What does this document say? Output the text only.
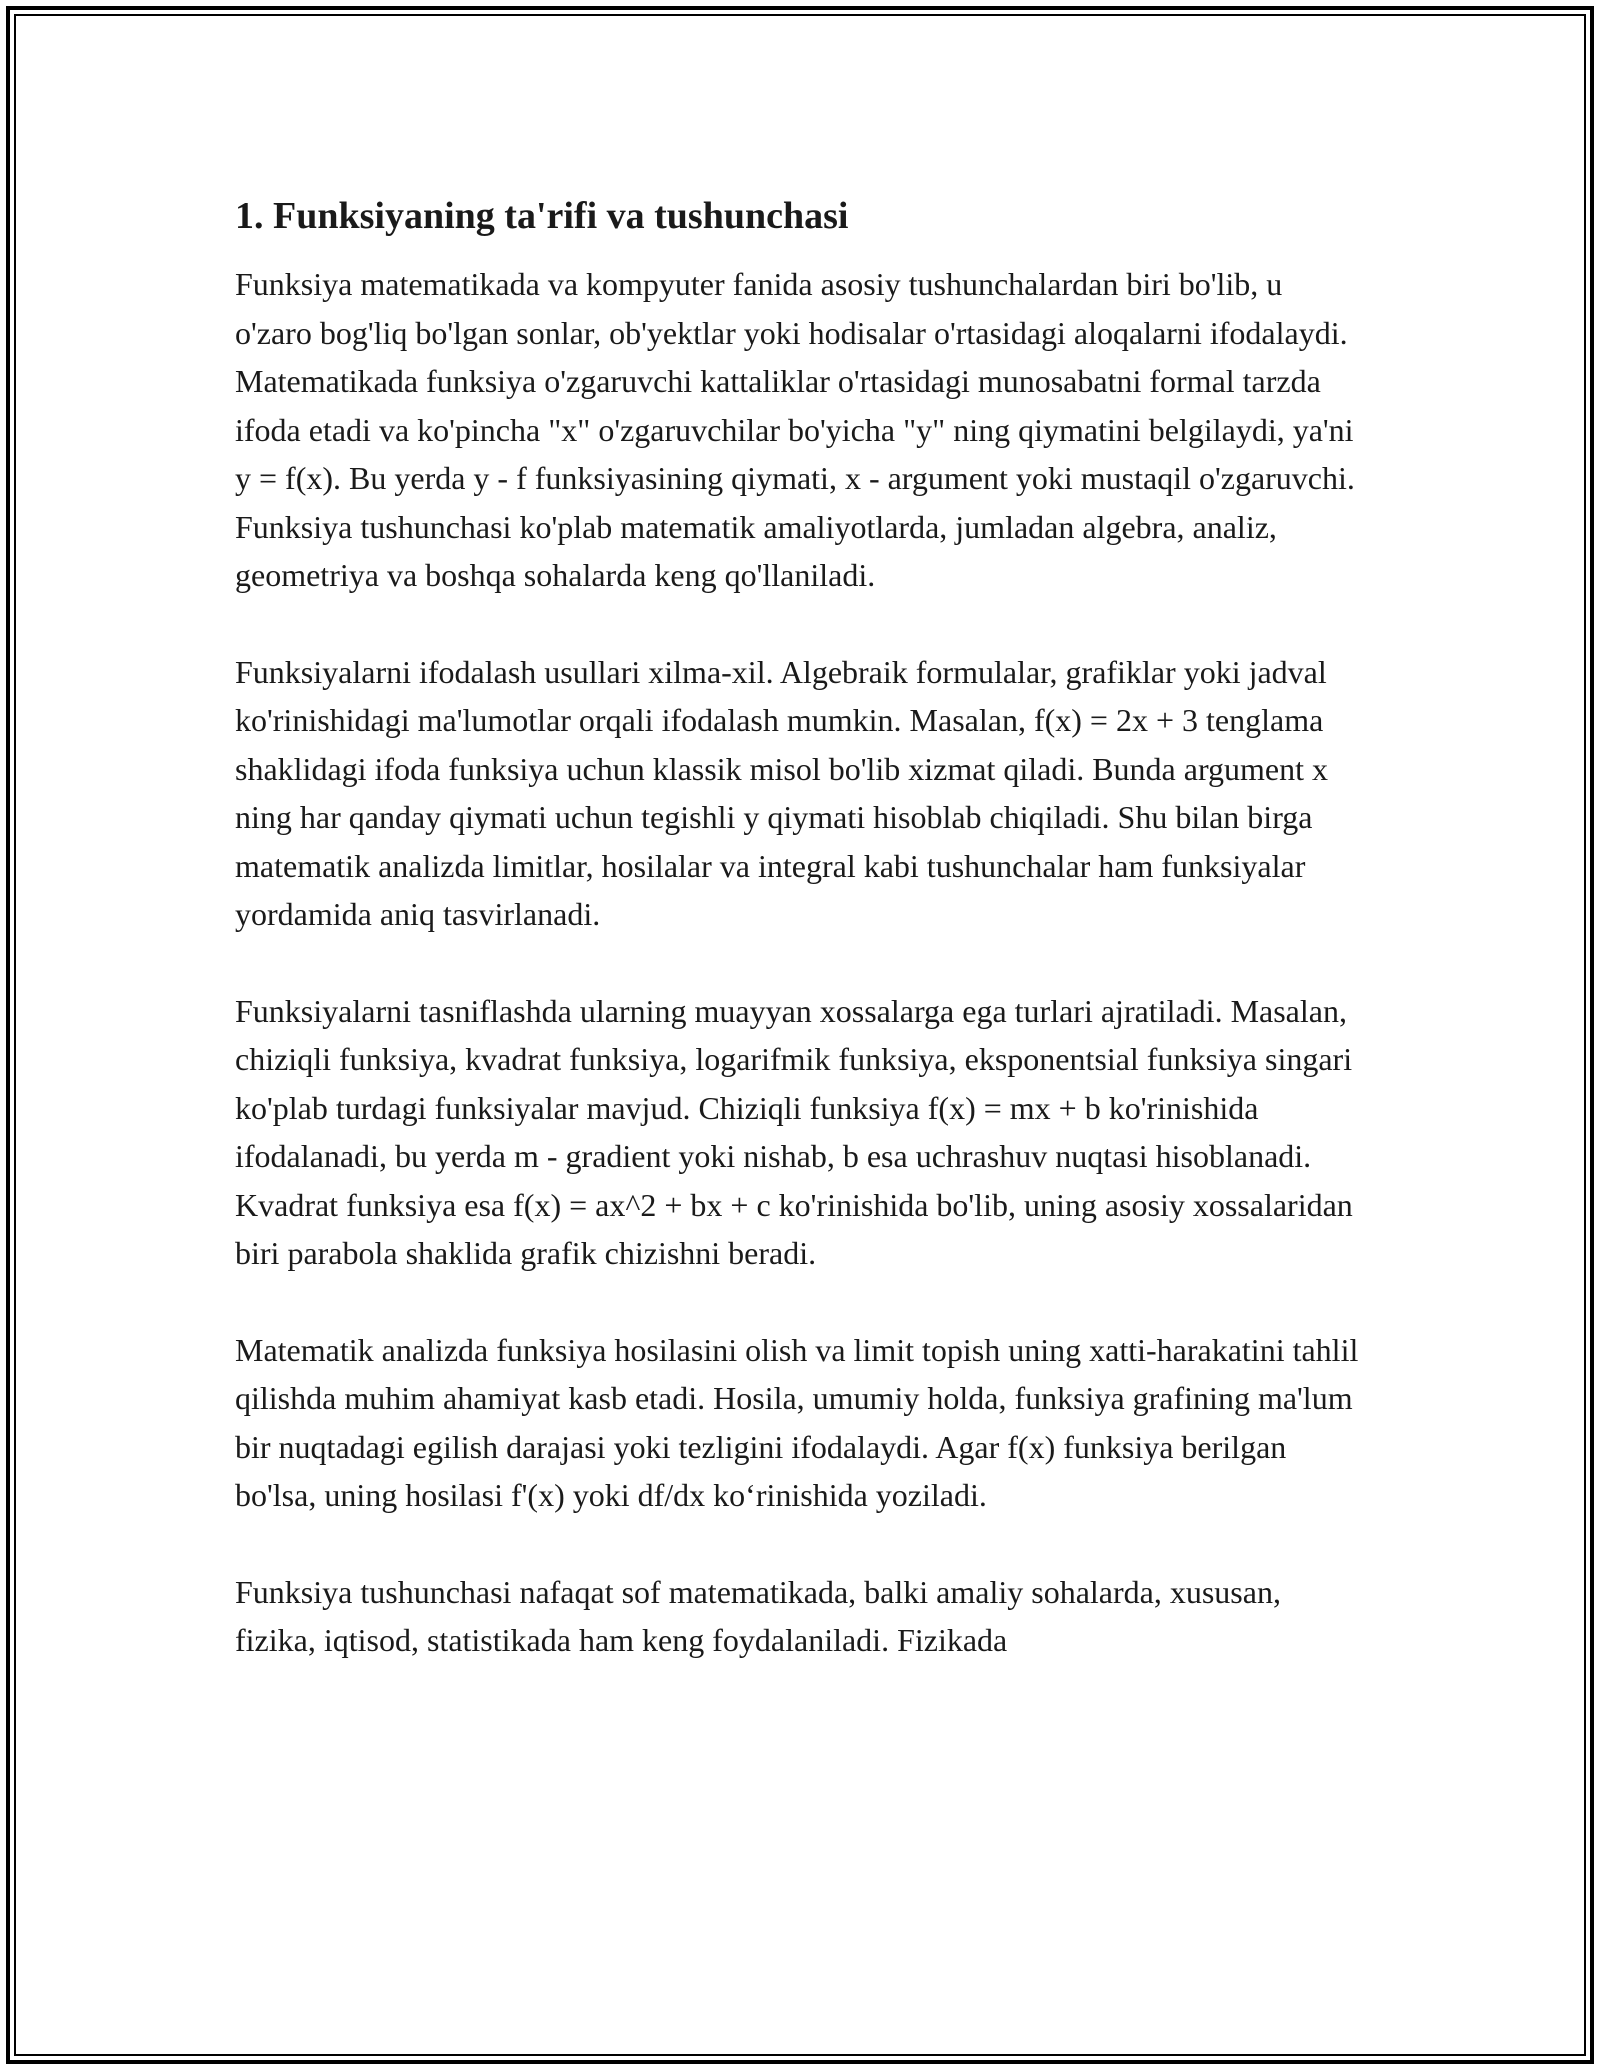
1. Funksiyaning ta'rifi va tushunchasi

Funksiya matematikada va kompyuter fanida asosiy tushunchalardan biri bo'lib, u o'zaro bog'liq bo'lgan sonlar, ob'yektlar yoki hodisalar o'rtasidagi aloqalarni ifodalaydi. Matematikada funksiya o'zgaruvchi kattaliklar o'rtasidagi munosabatni formal tarzda ifoda etadi va ko'pincha "x" o'zgaruvchilar bo'yicha "y" ning qiymatini belgilaydi, ya'ni y = f(x). Bu yerda y - f funksiyasining qiymati, x - argument yoki mustaqil o'zgaruvchi. Funksiya tushunchasi ko'plab matematik amaliyotlarda, jumladan algebra, analiz, geometriya va boshqa sohalarda keng qo'llaniladi.

Funksiyalarni ifodalash usullari xilma-xil. Algebraik formulalar, grafiklar yoki jadval ko'rinishidagi ma'lumotlar orqali ifodalash mumkin. Masalan, f(x) = 2x + 3 tenglama shaklidagi ifoda funksiya uchun klassik misol bo'lib xizmat qiladi. Bunda argument x ning har qanday qiymati uchun tegishli y qiymati hisoblab chiqiladi. Shu bilan birga matematik analizda limitlar, hosilalar va integral kabi tushunchalar ham funksiyalar yordamida aniq tasvirlanadi.

Funksiyalarni tasniflashda ularning muayyan xossalarga ega turlari ajratiladi. Masalan, chiziqli funksiya, kvadrat funksiya, logarifmik funksiya, eksponentsial funksiya singari ko'plab turdagi funksiyalar mavjud. Chiziqli funksiya f(x) = mx + b ko'rinishida ifodalanadi, bu yerda m - gradient yoki nishab, b esa uchrashuv nuqtasi hisoblanadi. Kvadrat funksiya esa f(x) = ax^2 + bx + c ko'rinishida bo'lib, uning asosiy xossalaridan biri parabola shaklida grafik chizishni beradi.

Matematik analizda funksiya hosilasini olish va limit topish uning xatti-harakatini tahlil qilishda muhim ahamiyat kasb etadi. Hosila, umumiy holda, funksiya grafining ma'lum bir nuqtadagi egilish darajasi yoki tezligini ifodalaydi. Agar f(x) funksiya berilgan bo'lsa, uning hosilasi f'(x) yoki df/dx ko‘rinishida yoziladi.

Funksiya tushunchasi nafaqat sof matematikada, balki amaliy sohalarda, xususan, fizika, iqtisod, statistikada ham keng foydalaniladi. Fizikada
